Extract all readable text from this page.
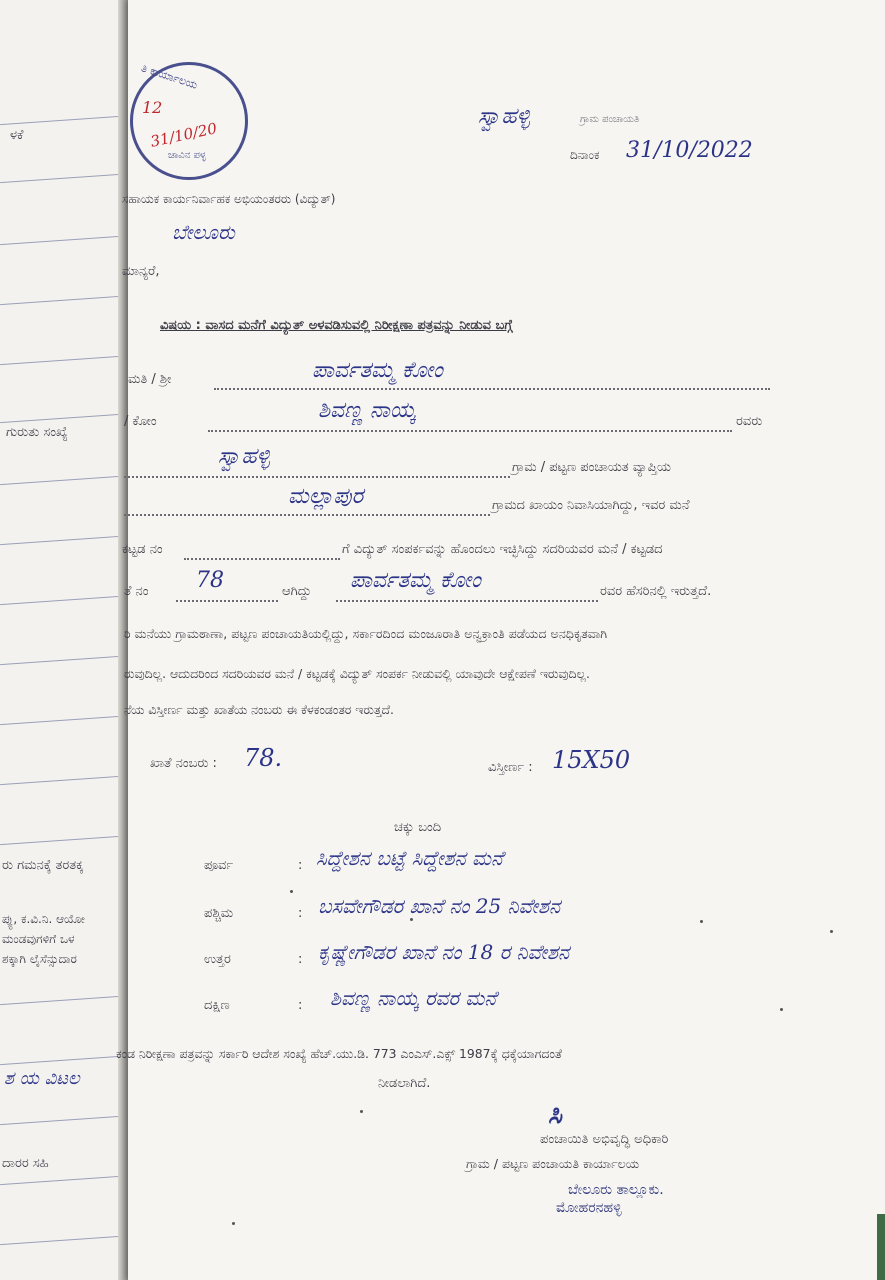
ಳಕೆ
ಗುರುತು ಸಂಖ್ಯೆ
ರು ಗಮನಕ್ಕೆ ತರತಕ್ಕ
ಪ್ಯು, ಕ.ವಿ.ನಿ. ಆಯೋ
ಮಂಡವುಗಳಿಗೆ ಒಳ
ಶಕ್ಕಾಗಿ ಲೈಸೆನ್ಸುದಾರ
ಶ ಯ ವಿಟಲ
ದಾರರ ಸಹಿ
ತಿ ಕಾರ್ಯಾಲಯ
12
31/10/20
ಜಾವಿನ ಪಳ್ಳ
ಸ್ವಾಹಳ್ಳಿ	ಗ್ರಾಮ ಪಂಚಾಯತಿ
ದಿನಾಂಕ 31/10/2022
ಸಹಾಯಕ ಕಾರ್ಯನಿರ್ವಾಹಕ ಅಭಿಯಂತರರು (ವಿದ್ಯುತ್)
ಬೇಲೂರು
ಮಾನ್ಯರೆ,
ವಿಷಯ : ವಾಸದ ಮನೆಗೆ ವಿದ್ಯುತ್ ಅಳವಡಿಸುವಲ್ಲಿ ನಿರೀಕ್ಷಣಾ ಪತ್ರವನ್ನು ನೀಡುವ ಬಗ್ಗೆ
ಮತಿ / ಶ್ರೀ	ಪಾರ್ವತಮ್ಮ ಕೋಂ
/ ಕೋಂ	ಶಿವಣ್ಣ ನಾಯ್ಕ	ರವರು
ಸ್ವಾಹಳ್ಳಿ	ಗ್ರಾಮ / ಪಟ್ಟಣ ಪಂಚಾಯತ ವ್ಯಾಪ್ತಿಯ
ಮಲ್ಲಾಪುರ	ಗ್ರಾಮದ ಖಾಯಂ ನಿವಾಸಿಯಾಗಿದ್ದು, ಇವರ ಮನೆ
ಕಟ್ಟಡ ನಂ	ಗೆ ವಿದ್ಯುತ್ ಸಂಪರ್ಕವನ್ನು ಹೊಂದಲು ಇಚ್ಛಿಸಿದ್ದು ಸದರಿಯವರ ಮನೆ / ಕಟ್ಟಡದ
ತೆ ನಂ 78	ಆಗಿದ್ದು ಪಾರ್ವತಮ್ಮ ಕೋಂ	ರವರ ಹೆಸರಿನಲ್ಲಿ ಇರುತ್ತದೆ.
ರಿ ಮನೆಯು ಗ್ರಾಮಠಾಣಾ, ಪಟ್ಟಣ ಪಂಚಾಯತಿಯಲ್ಲಿದ್ದು, ಸರ್ಕಾರದಿಂದ ಮಂಜೂರಾತಿ ಅನ್ವಕ್ರಾಂತಿ ಪಡೆಯದ ಅನಧಿಕೃತವಾಗಿ
ರುವುದಿಲ್ಲ. ಆದುದರಿಂದ ಸದರಿಯವರ ಮನೆ / ಕಟ್ಟಡಕ್ಕೆ ವಿದ್ಯುತ್ ಸಂಪರ್ಕ ನೀಡುವಲ್ಲಿ ಯಾವುದೇ ಆಕ್ಷೇಪಣೆ ಇರುವುದಿಲ್ಲ.
ನೆಯ ವಿಸ್ತೀರ್ಣ ಮತ್ತು ಖಾತೆಯ ನಂಬರು ಈ ಕೆಳಕಂಡಂತರ ಇರುತ್ತದೆ.
ಖಾತೆ ನಂಬರು : 78.	ವಿಸ್ತೀರ್ಣ : 15X50
ಚಕ್ಕು ಬಂದಿ
ಪೂರ್ವ	: ಸಿದ್ದೇಶನ ಬಟ್ಟೆ ಸಿದ್ದೇಶನ ಮನೆ
ಪಶ್ಚಿಮ	: ಬಸವೇಗೌಡರ ಖಾನೆ ನಂ 25 ನಿವೇಶನ
ಉತ್ತರ	: ಕೃಷ್ಣೇಗೌಡರ ಖಾನೆ ನಂ 18 ರ ನಿವೇಶನ
ದಕ್ಷಿಣ	: ಶಿವಣ್ಣ ನಾಯ್ಕ ರವರ ಮನೆ
ಕಂಡ ನಿರೀಕ್ಷಣಾ ಪತ್ರವನ್ನು ಸರ್ಕಾರಿ ಆದೇಶ ಸಂಖ್ಯೆ ಹೆಚ್.ಯು.ಡಿ. 773 ಎಂಎಸ್.ಎಕ್ಸ್ 1987ಕ್ಕೆ ಧಕ್ಕೆಯಾಗದಂತೆ
ನೀಡಲಾಗಿದೆ.
ಸಿ
ಪಂಚಾಯಿತಿ ಅಭಿವೃದ್ಧಿ ಅಧಿಕಾರಿ
ಗ್ರಾಮ / ಪಟ್ಟಣ ಪಂಚಾಯತಿ ಕಾರ್ಯಾಲಯ
ಬೇಲೂರು ತಾಲ್ಲೂಕು.
ಮೋಹರನಹಳ್ಳಿ
